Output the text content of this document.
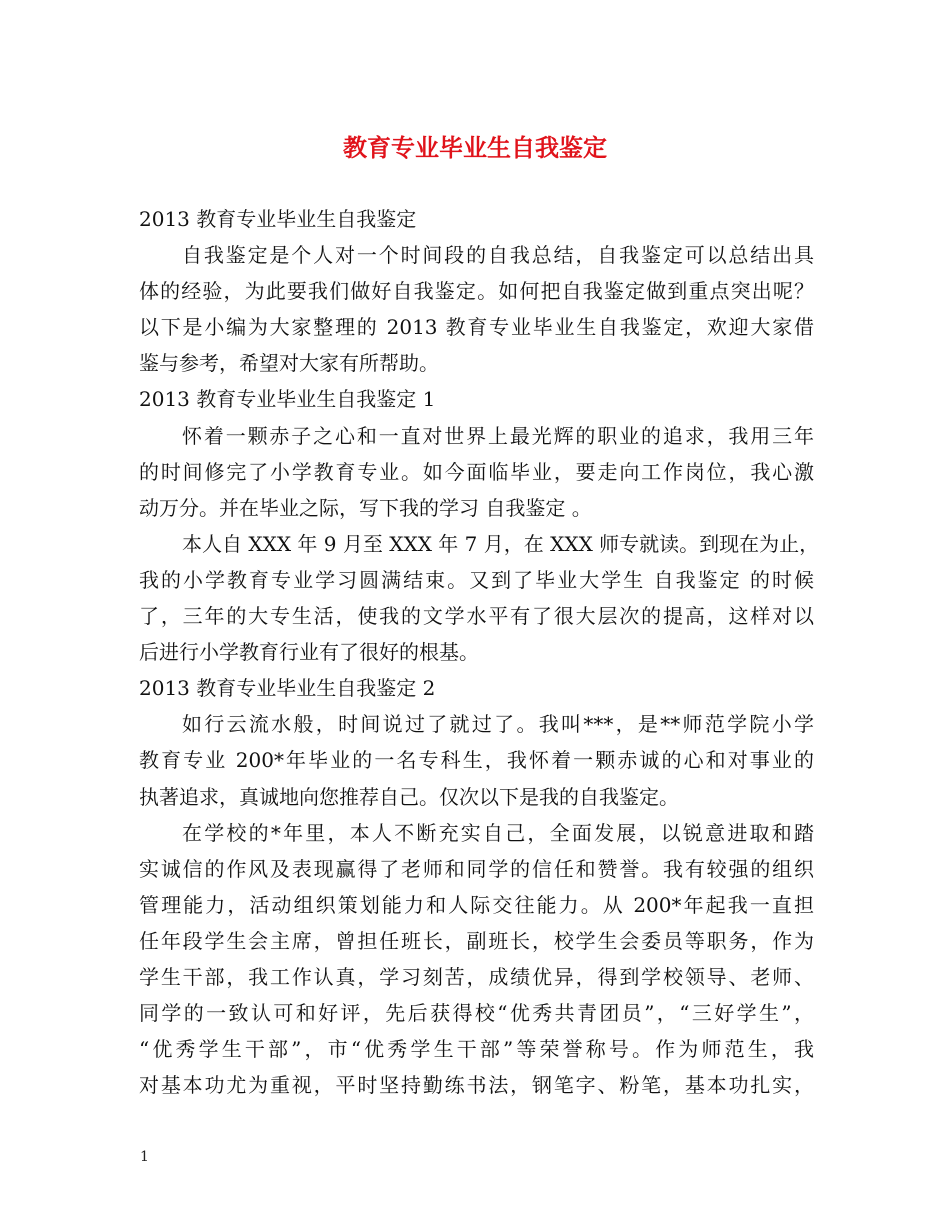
教育专业毕业生自我鉴定
2013 教育专业毕业生自我鉴定
自我鉴定是个人对一个时间段的自我总结，自我鉴定可以总结出具
体的经验，为此要我们做好自我鉴定。如何把自我鉴定做到重点突出呢？
以下是小编为大家整理的 2013 教育专业毕业生自我鉴定，欢迎大家借
鉴与参考，希望对大家有所帮助。
2013 教育专业毕业生自我鉴定 1
怀着一颗赤子之心和一直对世界上最光辉的职业的追求，我用三年
的时间修完了小学教育专业。如今面临毕业，要走向工作岗位，我心激
动万分。并在毕业之际，写下我的学习 自我鉴定 。
本人自 XXX 年 9 月至 XXX 年 7 月，在 XXX 师专就读。到现在为止，
我的小学教育专业学习圆满结束。又到了毕业大学生 自我鉴定 的时候
了，三年的大专生活，使我的文学水平有了很大层次的提高，这样对以
后进行小学教育行业有了很好的根基。
2013 教育专业毕业生自我鉴定 2
如行云流水般，时间说过了就过了。我叫***，是**师范学院小学
教育专业 200*年毕业的一名专科生，我怀着一颗赤诚的心和对事业的
执著追求，真诚地向您推荐自己。仅次以下是我的自我鉴定。
在学校的*年里，本人不断充实自己，全面发展，以锐意进取和踏
实诚信的作风及表现赢得了老师和同学的信任和赞誉。我有较强的组织
管理能力，活动组织策划能力和人际交往能力。从 200*年起我一直担
任年段学生会主席，曾担任班长，副班长，校学生会委员等职务，作为
学生干部，我工作认真，学习刻苦，成绩优异，得到学校领导、老师、
同学的一致认可和好评，先后获得校“优秀共青团员”，“三好学生”，
“优秀学生干部”，市“优秀学生干部”等荣誉称号。作为师范生，我
对基本功尤为重视，平时坚持勤练书法，钢笔字、粉笔，基本功扎实，
1
